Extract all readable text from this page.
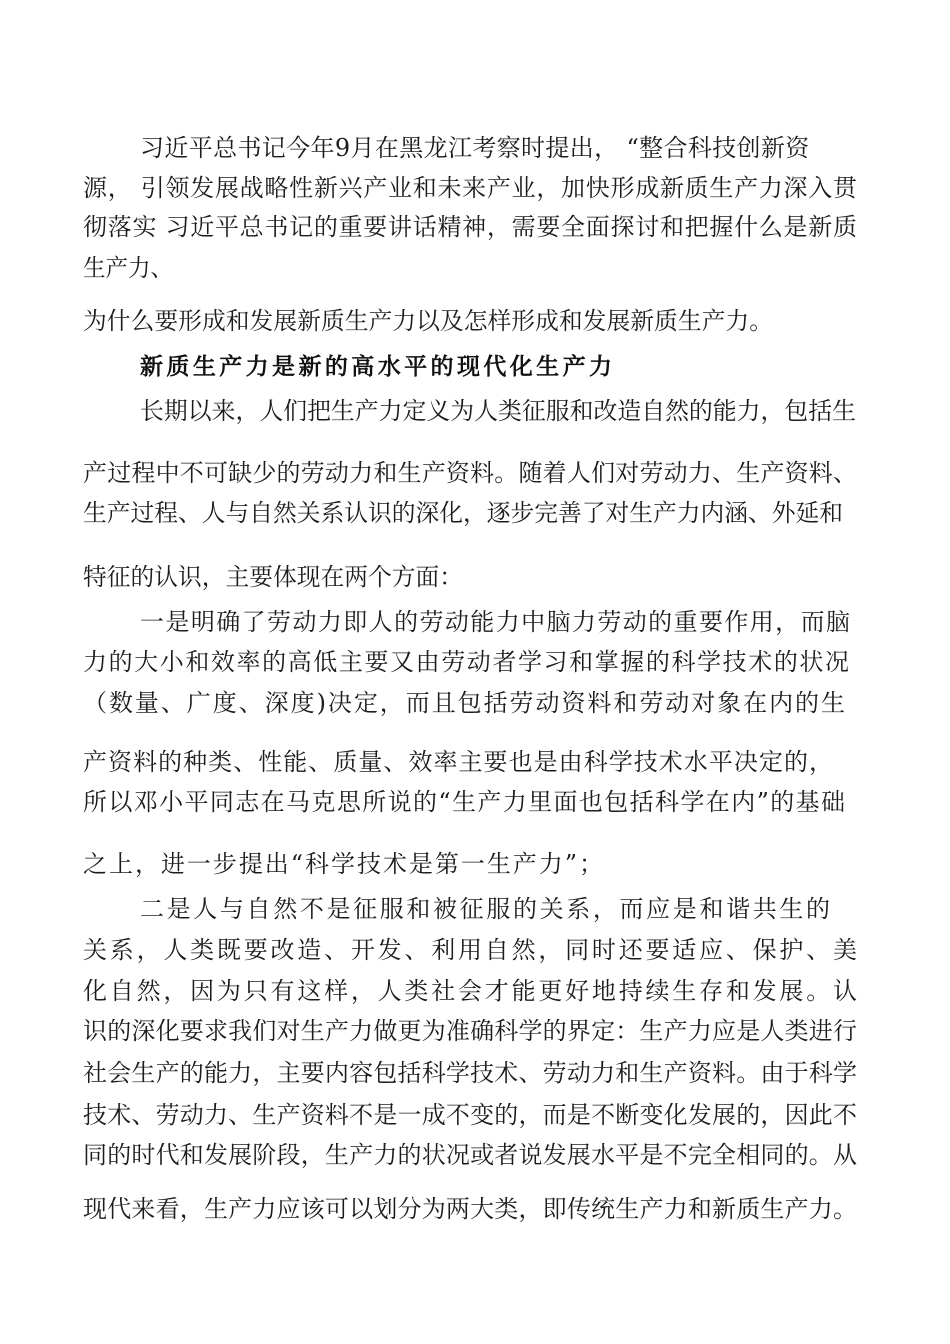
习近平总书记今年9月在黑龙江考察时提出， “整合科技创新资
源， 引领发展战略性新兴产业和未来产业，加快形成新质生产力深入贯
彻落实 习近平总书记的重要讲话精神，需要全面探讨和把握什么是新质
生产力、
为什么要形成和发展新质生产力以及怎样形成和发展新质生产力。
新质生产力是新的高水平的现代化生产力
长期以来，人们把生产力定义为人类征服和改造自然的能力，包括生
产过程中不可缺少的劳动力和生产资料。随着人们对劳动力、生产资料、
生产过程、人与自然关系认识的深化，逐步完善了对生产力内涵、外延和
特征的认识，主要体现在两个方面：
一是明确了劳动力即人的劳动能力中脑力劳动的重要作用，而脑
力的大小和效率的高低主要又由劳动者学习和掌握的科学技术的状况
（数量、广度、深度)决定，而且包括劳动资料和劳动对象在内的生
产资料的种类、性能、质量、效率主要也是由科学技术水平决定的，
所以邓小平同志在马克思所说的“生产力里面也包括科学在内”的基础
之上，进一步提出“科学技术是第一生产力”；
二是人与自然不是征服和被征服的关系，而应是和谐共生的
关系，人类既要改造、开发、利用自然，同时还要适应、保护、美
化自然，因为只有这样，人类社会才能更好地持续生存和发展。认
识的深化要求我们对生产力做更为准确科学的界定：生产力应是人类进行
社会生产的能力，主要内容包括科学技术、劳动力和生产资料。由于科学
技术、劳动力、生产资料不是一成不变的，而是不断变化发展的，因此不
同的时代和发展阶段，生产力的状况或者说发展水平是不完全相同的。从
现代来看，生产力应该可以划分为两大类，即传统生产力和新质生产力。
